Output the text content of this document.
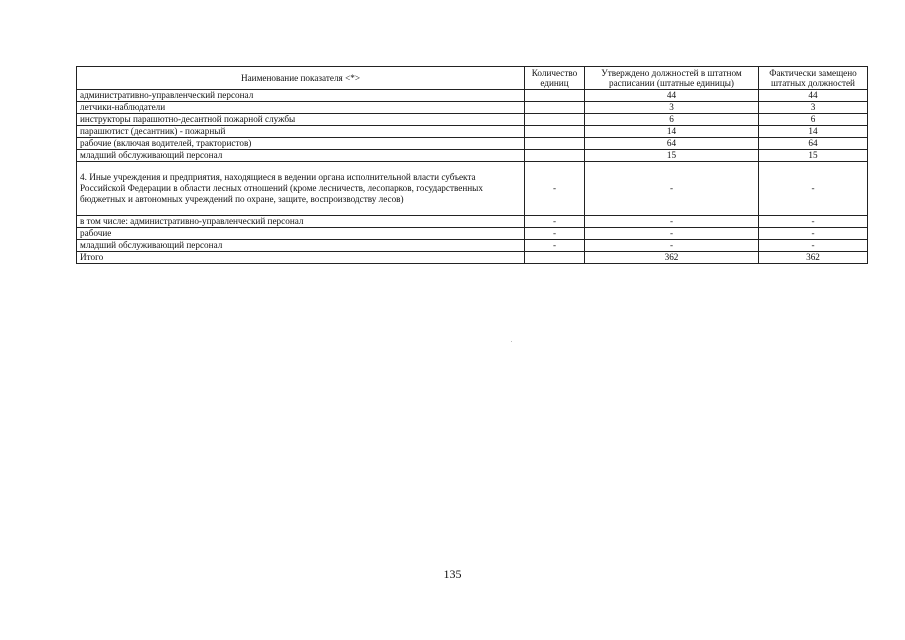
Наименование показателя <*>	Количество единиц	Утверждено должностей в штатном расписании (штатные единицы)	Фактически замещено штатных должностей
административно-управленческий персонал		44	44
летчики-наблюдатели		3	3
инструкторы парашютно-десантной пожарной службы		6	6
парашютист (десантник) - пожарный		14	14
рабочие (включая водителей, трактористов)		64	64
младший обслуживающий персонал		15	15
4. Иные учреждения и предприятия, находящиеся в ведении органа исполнительной власти субъекта Российской Федерации в области лесных отношений (кроме лесничеств, лесопарков, государственных бюджетных и автономных учреждений по охране, защите, воспроизводству лесов)	-	-	-
в том числе: административно-управленческий персонал	-	-	-
рабочие	-	-	-
младший обслуживающий персонал	-	-	-
Итого		362	362
135
